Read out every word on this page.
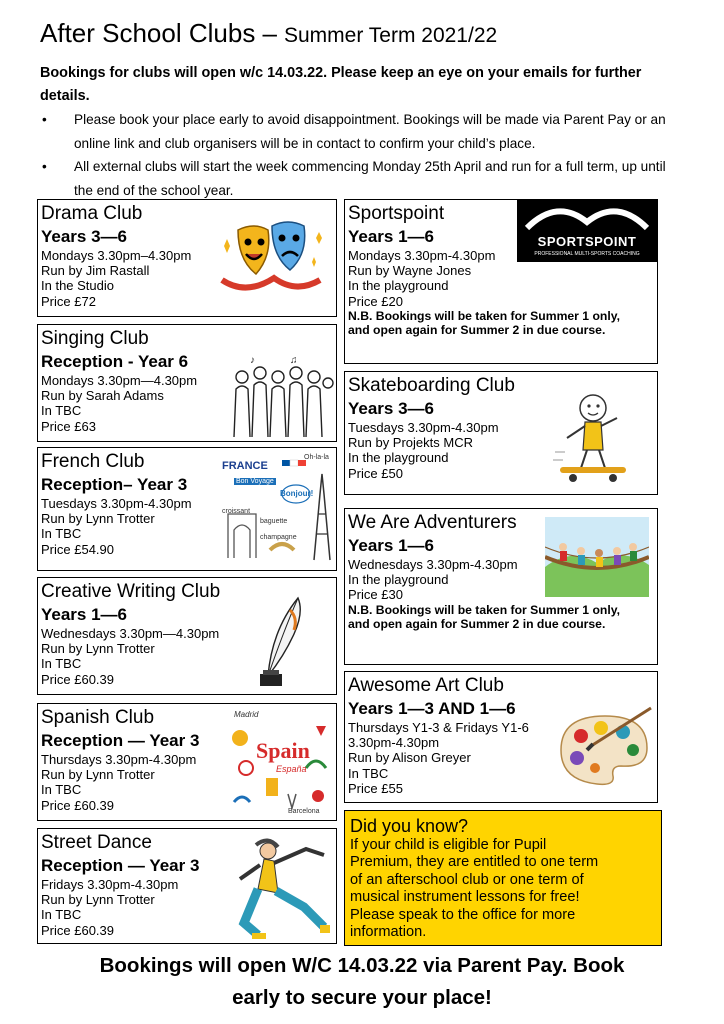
After School Clubs – Summer Term 2021/22
Bookings for clubs will open w/c 14.03.22. Please keep an eye on your emails for further details.
• Please book your place early to avoid disappointment. Bookings will be made via Parent Pay or an online link and club organisers will be in contact to confirm your child’s place.
• All external clubs will start the week commencing Monday 25th April and run for a full term, up until the end of the school year.
Drama Club
Years 3—6
Mondays 3.30pm–4.30pm
Run by Jim Rastall
In the Studio
Price £72
Singing Club
Reception - Year 6
Mondays 3.30pm—4.30pm
Run by Sarah Adams
In TBC
Price £63
♪	♫
French Club
Reception– Year 3
Tuesdays 3.30pm-4.30pm
Run by Lynn Trotter
In TBC
Price £54.90
FRANCE
Oh-la-la
Bon Voyage
Bonjour!
croissant
baguette
champagne
Creative Writing Club
Years 1—6
Wednesdays 3.30pm—4.30pm
Run by Lynn Trotter
In TBC
Price £60.39
Spanish Club
Reception — Year 3
Thursdays 3.30pm-4.30pm
Run by Lynn Trotter
In TBC
Price £60.39
Madrid
Spain
España
Barcelona
Street Dance
Reception — Year 3
Fridays 3.30pm-4.30pm
Run by Lynn Trotter
In TBC
Price £60.39
Sportspoint
Years 1—6
Mondays 3.30pm-4.30pm
Run by Wayne Jones
In the playground
Price £20
N.B. Bookings will be taken for Summer 1 only, and open again for Summer 2 in due course.
SPORTSPOINT
PROFESSIONAL MULTI-SPORTS COACHING
Skateboarding Club
Years 3—6
Tuesdays 3.30pm-4.30pm
Run by Projekts MCR
In the playground
Price £50
We Are Adventurers
Years 1—6
Wednesdays 3.30pm-4.30pm
In the playground
Price £30
N.B. Bookings will be taken for Summer 1 only, and open again for Summer 2 in due course.
Awesome Art Club
Years 1—3 AND 1—6
Thursdays Y1-3 & Fridays Y1-6
3.30pm-4.30pm
Run by Alison Greyer
In TBC
Price £55
Did you know?
If your child is eligible for Pupil
Premium, they are entitled to one term
of an afterschool club or one term of
musical instrument lessons for free!
Please speak to the office for more
information.
Bookings will open W/C 14.03.22 via Parent Pay. Book
early to secure your place!
